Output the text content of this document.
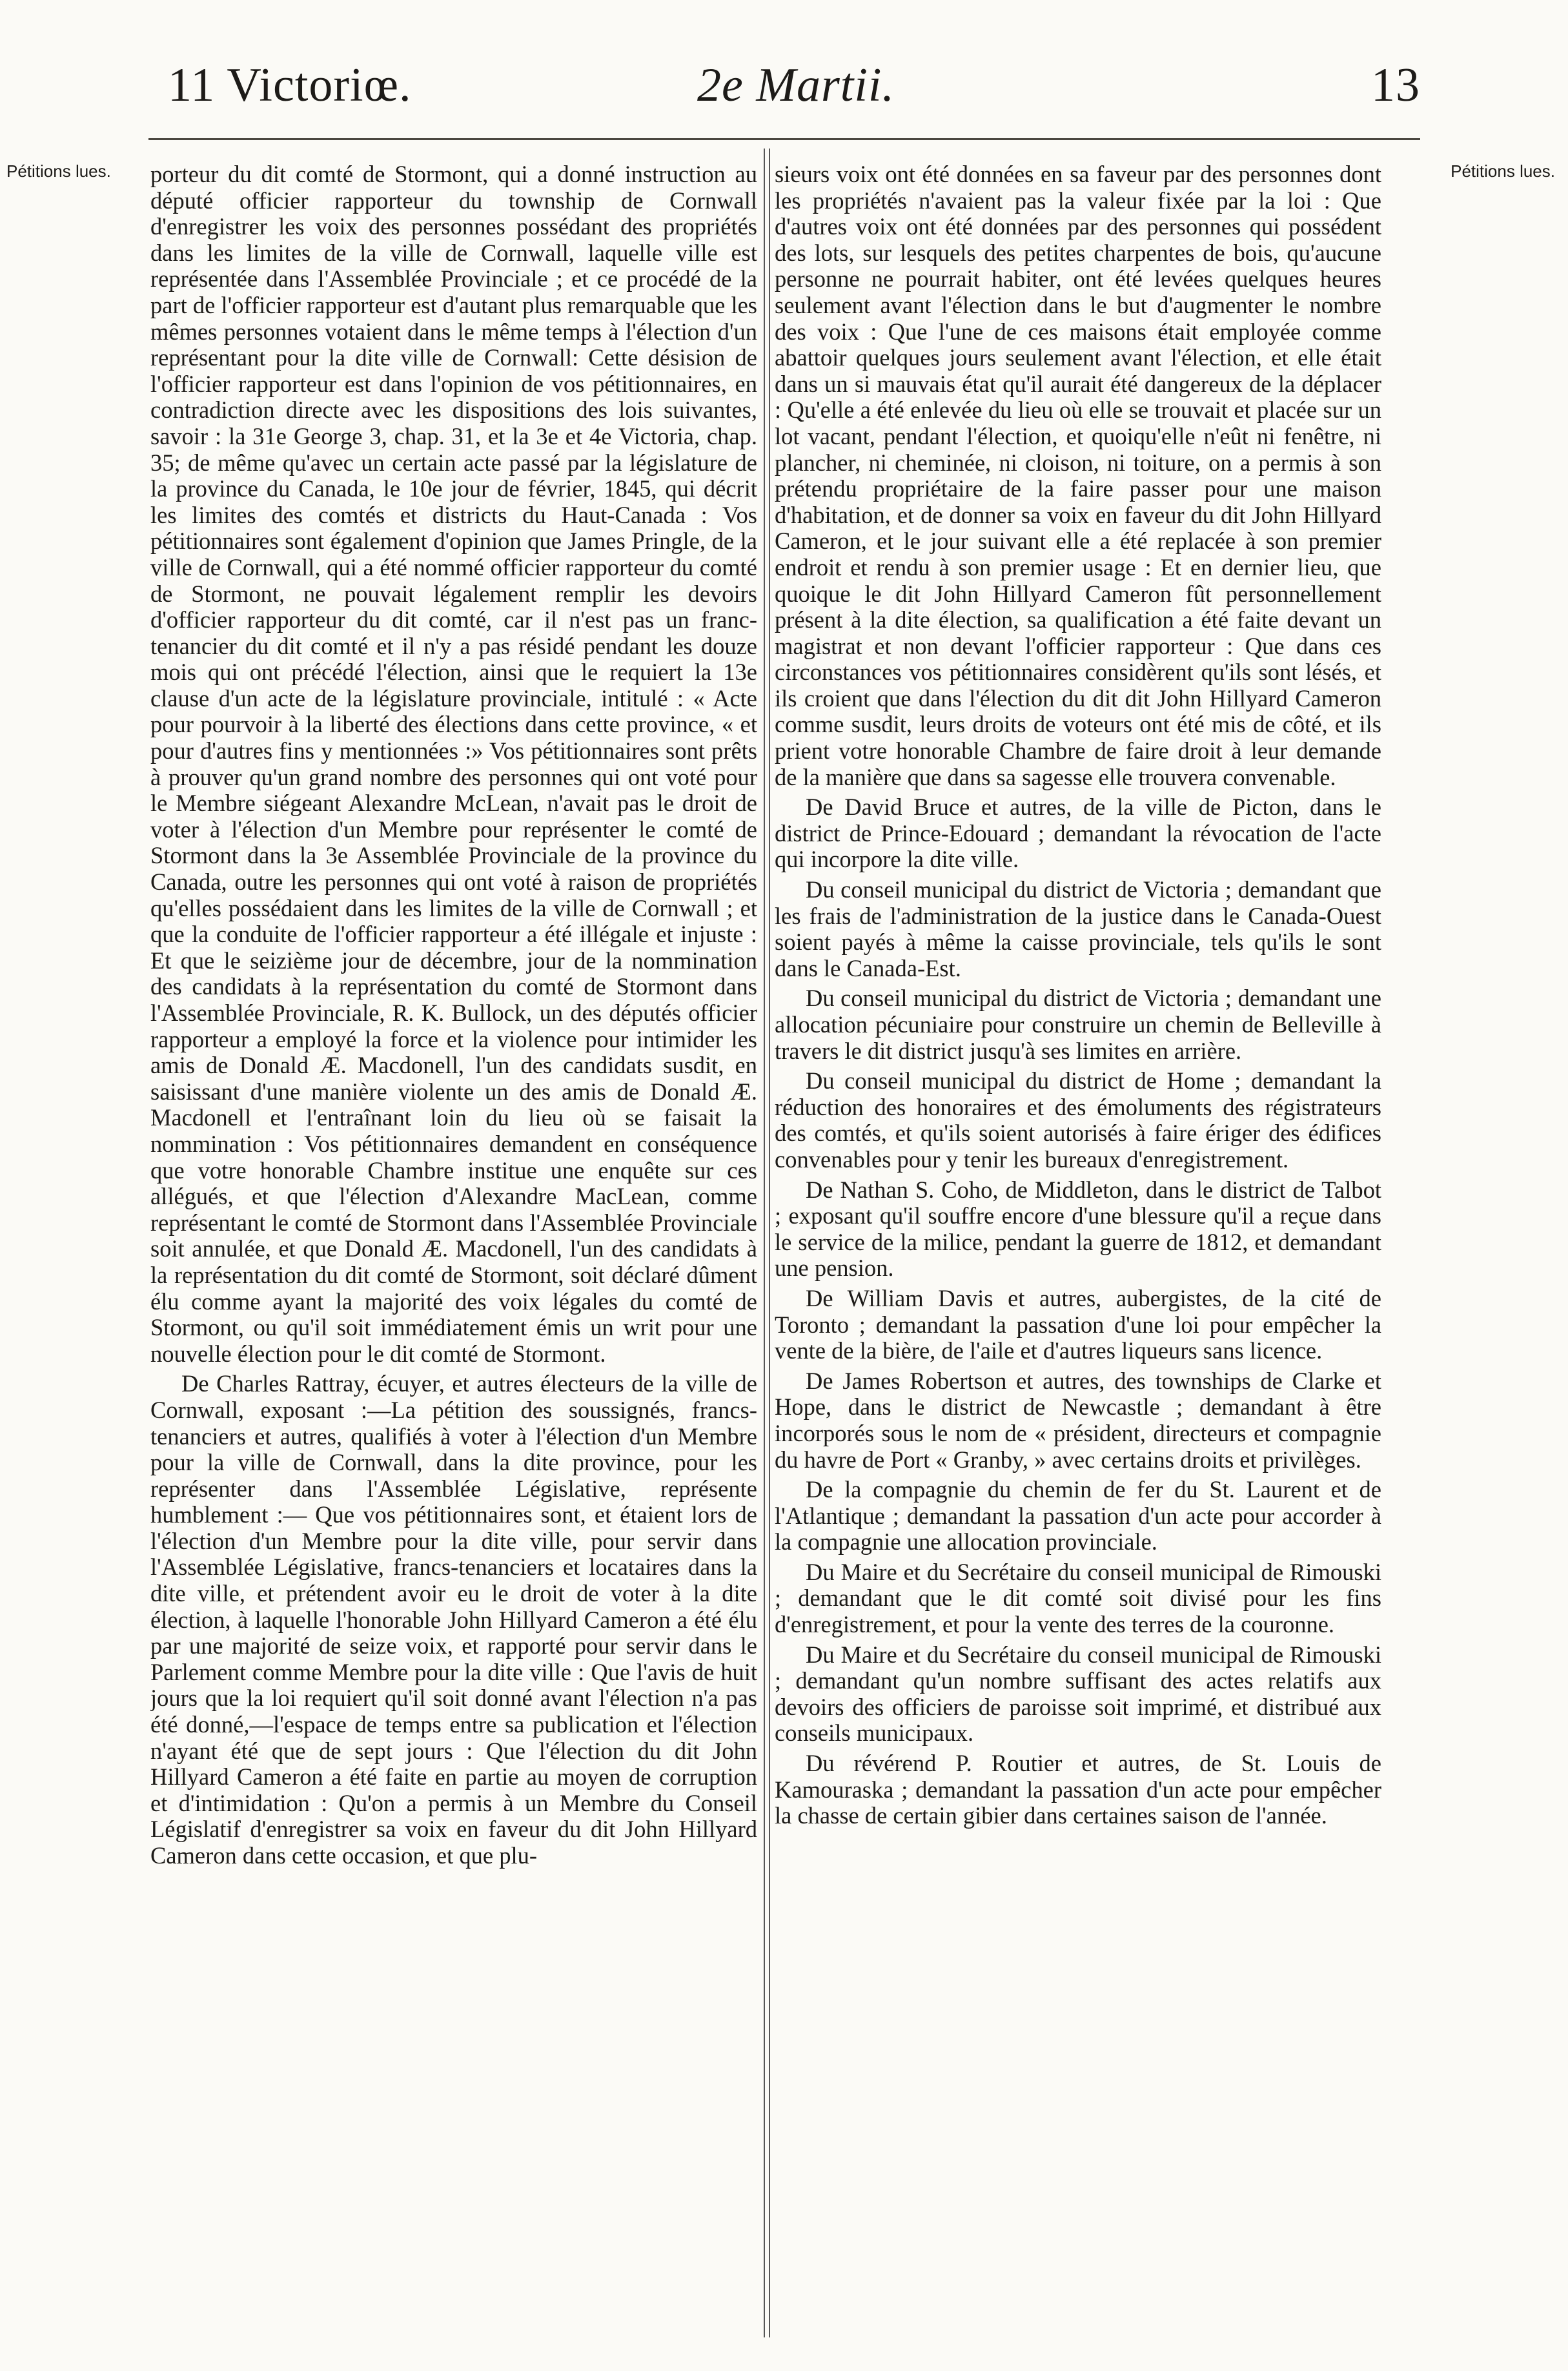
11 Victoriœ.	2e Martii.	13
Pétitions lues.	Pétitions lues.

porteur du dit comté de Stormont, qui a donné instruction au député officier rapporteur du township de Cornwall d'enregistrer les voix des personnes possédant des propriétés dans les limites de la ville de Cornwall, laquelle ville est représentée dans l'Assemblée Provinciale ; et ce procédé de la part de l'officier rapporteur est d'autant plus remarquable que les mêmes personnes votaient dans le même temps à l'élection d'un représentant pour la dite ville de Cornwall: Cette désision de l'officier rapporteur est dans l'opinion de vos pétitionnaires, en contradiction directe avec les dispositions des lois suivantes, savoir : la 31e George 3, chap. 31, et la 3e et 4e Victoria, chap. 35; de même qu'avec un certain acte passé par la législature de la province du Canada, le 10e jour de février, 1845, qui décrit les limites des comtés et districts du Haut-Canada : Vos pétitionnaires sont également d'opinion que James Pringle, de la ville de Cornwall, qui a été nommé officier rapporteur du comté de Stormont, ne pouvait légalement remplir les devoirs d'officier rapporteur du dit comté, car il n'est pas un franc-tenancier du dit comté et il n'y a pas résidé pendant les douze mois qui ont précédé l'élection, ainsi que le requiert la 13e clause d'un acte de la législature provinciale, intitulé : « Acte pour pourvoir à la liberté des élections dans cette province, « et pour d'autres fins y mentionnées :» Vos pétitionnaires sont prêts à prouver qu'un grand nombre des personnes qui ont voté pour le Membre siégeant Alexandre McLean, n'avait pas le droit de voter à l'élection d'un Membre pour représenter le comté de Stormont dans la 3e Assemblée Provinciale de la province du Canada, outre les personnes qui ont voté à raison de propriétés qu'elles possédaient dans les limites de la ville de Cornwall ; et que la conduite de l'officier rapporteur a été illégale et injuste : Et que le seizième jour de décembre, jour de la nommination des candidats à la représentation du comté de Stormont dans l'Assemblée Provinciale, R. K. Bullock, un des députés officier rapporteur a employé la force et la violence pour intimider les amis de Donald Æ. Macdonell, l'un des candidats susdit, en saisissant d'une manière violente un des amis de Donald Æ. Macdonell et l'entraînant loin du lieu où se faisait la nommination : Vos pétitionnaires demandent en conséquence que votre honorable Chambre institue une enquête sur ces allégués, et que l'élection d'Alexandre MacLean, comme représentant le comté de Stormont dans l'Assemblée Provinciale soit annulée, et que Donald Æ. Macdonell, l'un des candidats à la représentation du dit comté de Stormont, soit déclaré dûment élu comme ayant la majorité des voix légales du comté de Stormont, ou qu'il soit immédiatement émis un writ pour une nouvelle élection pour le dit comté de Stormont.

De Charles Rattray, écuyer, et autres électeurs de la ville de Cornwall, exposant :—La pétition des soussignés, francs-tenanciers et autres, qualifiés à voter à l'élection d'un Membre pour la ville de Cornwall, dans la dite province, pour les représenter dans l'Assemblée Législative, représente humblement :— Que vos pétitionnaires sont, et étaient lors de l'élection d'un Membre pour la dite ville, pour servir dans l'Assemblée Législative, francs-tenanciers et locataires dans la dite ville, et prétendent avoir eu le droit de voter à la dite élection, à laquelle l'honorable John Hillyard Cameron a été élu par une majorité de seize voix, et rapporté pour servir dans le Parlement comme Membre pour la dite ville : Que l'avis de huit jours que la loi requiert qu'il soit donné avant l'élection n'a pas été donné,—l'espace de temps entre sa publication et l'élection n'ayant été que de sept jours : Que l'élection du dit John Hillyard Cameron a été faite en partie au moyen de corruption et d'intimidation : Qu'on a permis à un Membre du Conseil Législatif d'enregistrer sa voix en faveur du dit John Hillyard Cameron dans cette occasion, et que plu-

sieurs voix ont été données en sa faveur par des personnes dont les propriétés n'avaient pas la valeur fixée par la loi : Que d'autres voix ont été données par des personnes qui possédent des lots, sur lesquels des petites charpentes de bois, qu'aucune personne ne pourrait habiter, ont été levées quelques heures seulement avant l'élection dans le but d'augmenter le nombre des voix : Que l'une de ces maisons était employée comme abattoir quelques jours seulement avant l'élection, et elle était dans un si mauvais état qu'il aurait été dangereux de la déplacer : Qu'elle a été enlevée du lieu où elle se trouvait et placée sur un lot vacant, pendant l'élection, et quoiqu'elle n'eût ni fenêtre, ni plancher, ni cheminée, ni cloison, ni toiture, on a permis à son prétendu propriétaire de la faire passer pour une maison d'habitation, et de donner sa voix en faveur du dit John Hillyard Cameron, et le jour suivant elle a été replacée à son premier endroit et rendu à son premier usage : Et en dernier lieu, que quoique le dit John Hillyard Cameron fût personnellement présent à la dite élection, sa qualification a été faite devant un magistrat et non devant l'officier rapporteur : Que dans ces circonstances vos pétitionnaires considèrent qu'ils sont lésés, et ils croient que dans l'élection du dit dit John Hillyard Cameron comme susdit, leurs droits de voteurs ont été mis de côté, et ils prient votre honorable Chambre de faire droit à leur demande de la manière que dans sa sagesse elle trouvera convenable.

De David Bruce et autres, de la ville de Picton, dans le district de Prince-Edouard ; demandant la révocation de l'acte qui incorpore la dite ville.

Du conseil municipal du district de Victoria ; demandant que les frais de l'administration de la justice dans le Canada-Ouest soient payés à même la caisse provinciale, tels qu'ils le sont dans le Canada-Est.

Du conseil municipal du district de Victoria ; demandant une allocation pécuniaire pour construire un chemin de Belleville à travers le dit district jusqu'à ses limites en arrière.

Du conseil municipal du district de Home ; demandant la réduction des honoraires et des émoluments des régistrateurs des comtés, et qu'ils soient autorisés à faire ériger des édifices convenables pour y tenir les bureaux d'enregistrement.

De Nathan S. Coho, de Middleton, dans le district de Talbot ; exposant qu'il souffre encore d'une blessure qu'il a reçue dans le service de la milice, pendant la guerre de 1812, et demandant une pension.

De William Davis et autres, aubergistes, de la cité de Toronto ; demandant la passation d'une loi pour empêcher la vente de la bière, de l'aile et d'autres liqueurs sans licence.

De James Robertson et autres, des townships de Clarke et Hope, dans le district de Newcastle ; demandant à être incorporés sous le nom de « président, directeurs et compagnie du havre de Port « Granby, » avec certains droits et privilèges.

De la compagnie du chemin de fer du St. Laurent et de l'Atlantique ; demandant la passation d'un acte pour accorder à la compagnie une allocation provinciale.

Du Maire et du Secrétaire du conseil municipal de Rimouski ; demandant que le dit comté soit divisé pour les fins d'enregistrement, et pour la vente des terres de la couronne.

Du Maire et du Secrétaire du conseil municipal de Rimouski ; demandant qu'un nombre suffisant des actes relatifs aux devoirs des officiers de paroisse soit imprimé, et distribué aux conseils municipaux.

Du révérend P. Routier et autres, de St. Louis de Kamouraska ; demandant la passation d'un acte pour empêcher la chasse de certain gibier dans certaines saison de l'année.
